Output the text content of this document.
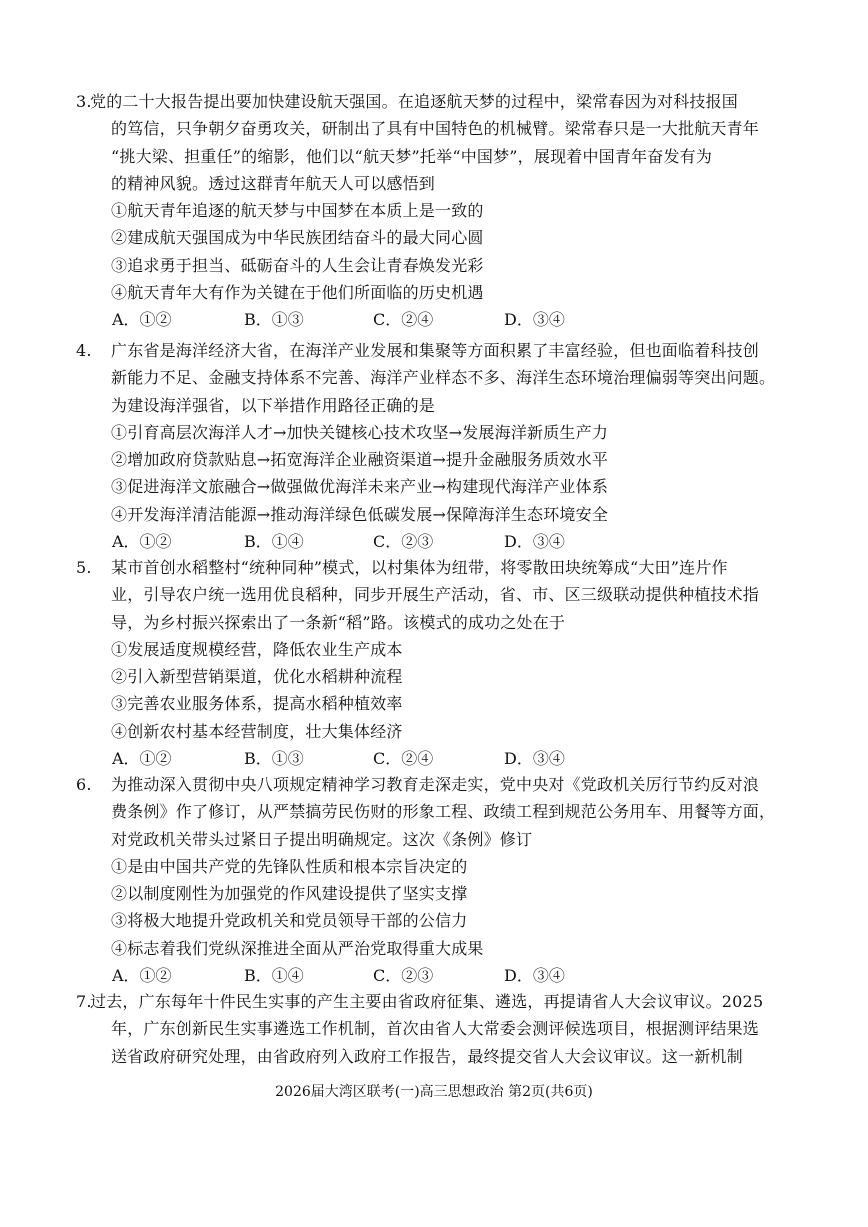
3.
党的二十大报告提出要加快建设航天强国。在追逐航天梦的过程中，梁常春因为对科技报国
的笃信，只争朝夕奋勇攻关，研制出了具有中国特色的机械臂。梁常春只是一大批航天青年
“挑大梁、担重任”的缩影，他们以“航天梦”托举“中国梦”，展现着中国青年奋发有为
的精神风貌。透过这群青年航天人可以感悟到
①航天青年追逐的航天梦与中国梦在本质上是一致的
②建成航天强国成为中华民族团结奋斗的最大同心圆
③追求勇于担当、砥砺奋斗的人生会让青春焕发光彩
④航天青年大有作为关键在于他们所面临的历史机遇
A．①②	B．①③	C．②④	D．③④
4. 广东省是海洋经济大省，在海洋产业发展和集聚等方面积累了丰富经验，但也面临着科技创
新能力不足、金融支持体系不完善、海洋产业样态不多、海洋生态环境治理偏弱等突出问题。
为建设海洋强省，以下举措作用路径正确的是
①引育高层次海洋人才→加快关键核心技术攻坚→发展海洋新质生产力
②增加政府贷款贴息→拓宽海洋企业融资渠道→提升金融服务质效水平
③促进海洋文旅融合→做强做优海洋未来产业→构建现代海洋产业体系
④开发海洋清洁能源→推动海洋绿色低碳发展→保障海洋生态环境安全
A．①②	B．①④	C．②③	D．③④
5. 某市首创水稻整村“统种同种”模式，以村集体为纽带，将零散田块统筹成“大田”连片作
业，引导农户统一选用优良稻种，同步开展生产活动，省、市、区三级联动提供种植技术指
导，为乡村振兴探索出了一条新“稻”路。该模式的成功之处在于
①发展适度规模经营，降低农业生产成本
②引入新型营销渠道，优化水稻耕种流程
③完善农业服务体系，提高水稻种植效率
④创新农村基本经营制度，壮大集体经济
A．①②	B．①③	C．②④	D．③④
6. 为推动深入贯彻中央八项规定精神学习教育走深走实，党中央对《党政机关厉行节约反对浪
费条例》作了修订，从严禁搞劳民伤财的形象工程、政绩工程到规范公务用车、用餐等方面，
对党政机关带头过紧日子提出明确规定。这次《条例》修订
①是由中国共产党的先锋队性质和根本宗旨决定的
②以制度刚性为加强党的作风建设提供了坚实支撑
③将极大地提升党政机关和党员领导干部的公信力
④标志着我们党纵深推进全面从严治党取得重大成果
A．①②	B．①④	C．②③	D．③④
7.
过去，广东每年十件民生实事的产生主要由省政府征集、遴选，再提请省人大会议审议。2025
年，广东创新民生实事遴选工作机制，首次由省人大常委会测评候选项目，根据测评结果选
送省政府研究处理，由省政府列入政府工作报告，最终提交省人大会议审议。这一新机制
2026届大湾区联考(一)高三思想政治 第2页(共6页)
